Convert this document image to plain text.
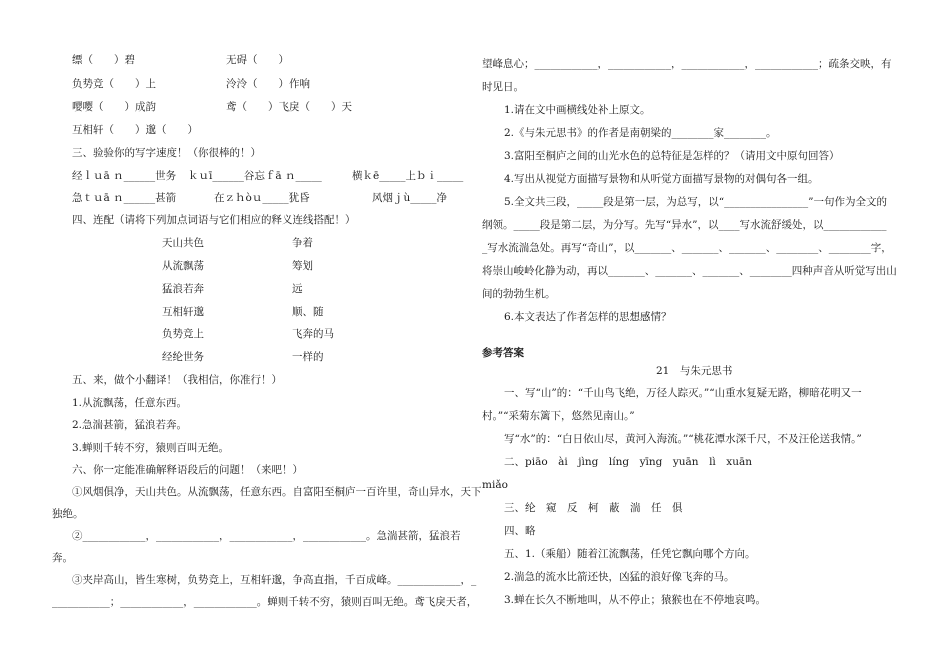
缥（　　）碧	无碍（　　）
负势竞（　　）上	泠泠（　　）作响
嘤嘤（　　）成韵	鸢（　　）飞戾（　　）天
互相轩（　　）邈（　　）
三、验验你的写字速度！（你很棒的！）
经ｌｕā ｎ______世务 ｋｕī______谷忘ｆā ｎ_____	横ｋē_____上ｂｉ_____
急ｔｕā ｎ______甚箭	在ｚｈòｕ_____犹昏	风烟ｊù_____净
四、连配（请将下列加点词语与它们相应的释义连线搭配！）
天山共色	争着
从流飘荡	筹划
猛浪若奔	远
互相轩邈	顺、随
负势竞上	飞奔的马
经纶世务	一样的
五、来，做个小翻译！（我相信，你准行！）
1.从流飘荡，任意东西。
2.急湍甚箭，猛浪若奔。
3.蝉则千转不穷，猿则百叫无绝。
六、你一定能准确解释语段后的问题！（来吧！）
①风烟俱净，天山共色。从流飘荡，任意东西。自富阳至桐庐一百许里，奇山异水，天下
独绝。
②____________，____________，____________，____________。急湍甚箭，猛浪若
奔。
③夹岸高山，皆生寒树，负势竞上，互相轩邈，争高直指，千百成峰。____________，_
___________；____________，____________。蝉则千转不穷，猿则百叫无绝。鸢飞戾天者，
望峰息心；____________，____________，____________，____________；疏条交映，有
时见日。
1.请在文中画横线处补上原文。
2.《与朱元思书》的作者是南朝梁的________家________。
3.富阳至桐庐之间的山光水色的总特征是怎样的？（请用文中原句回答）
4.写出从视觉方面描写景物和从听觉方面描写景物的对偶句各一组。
5.全文共三段，_____段是第一层，为总写，以“________________”一句作为全文的
纲领。_____段是第二层，为分写。先写“异水”，以____写水流舒缓处，以____________
_写水流湍急处。再写“奇山”，以_______、_______、_______、________、________字，
将崇山峻岭化静为动，再以_______、_______、_______、________四种声音从听觉写出山
间的勃勃生机。
6.本文表达了作者怎样的思想感情？
参考答案
21　与朱元思书
一、写“山”的：“千山鸟飞绝，万径人踪灭。”“山重水复疑无路，柳暗花明又一
村。”“采菊东篱下，悠然见南山。”
写“水”的：“白日依山尽，黄河入海流。”“桃花潭水深千尺，不及汪伦送我情。”
二、piāo　ài　jìng　líng　yīng　yuān　lì　xuān
miǎo
三、纶　窥　反　柯　蔽　湍　任　俱
四、略
五、1.（乘船）随着江流飘荡，任凭它飘向哪个方向。
2.湍急的流水比箭还快，凶猛的浪好像飞奔的马。
3.蝉在长久不断地叫，从不停止；猿猴也在不停地哀鸣。
